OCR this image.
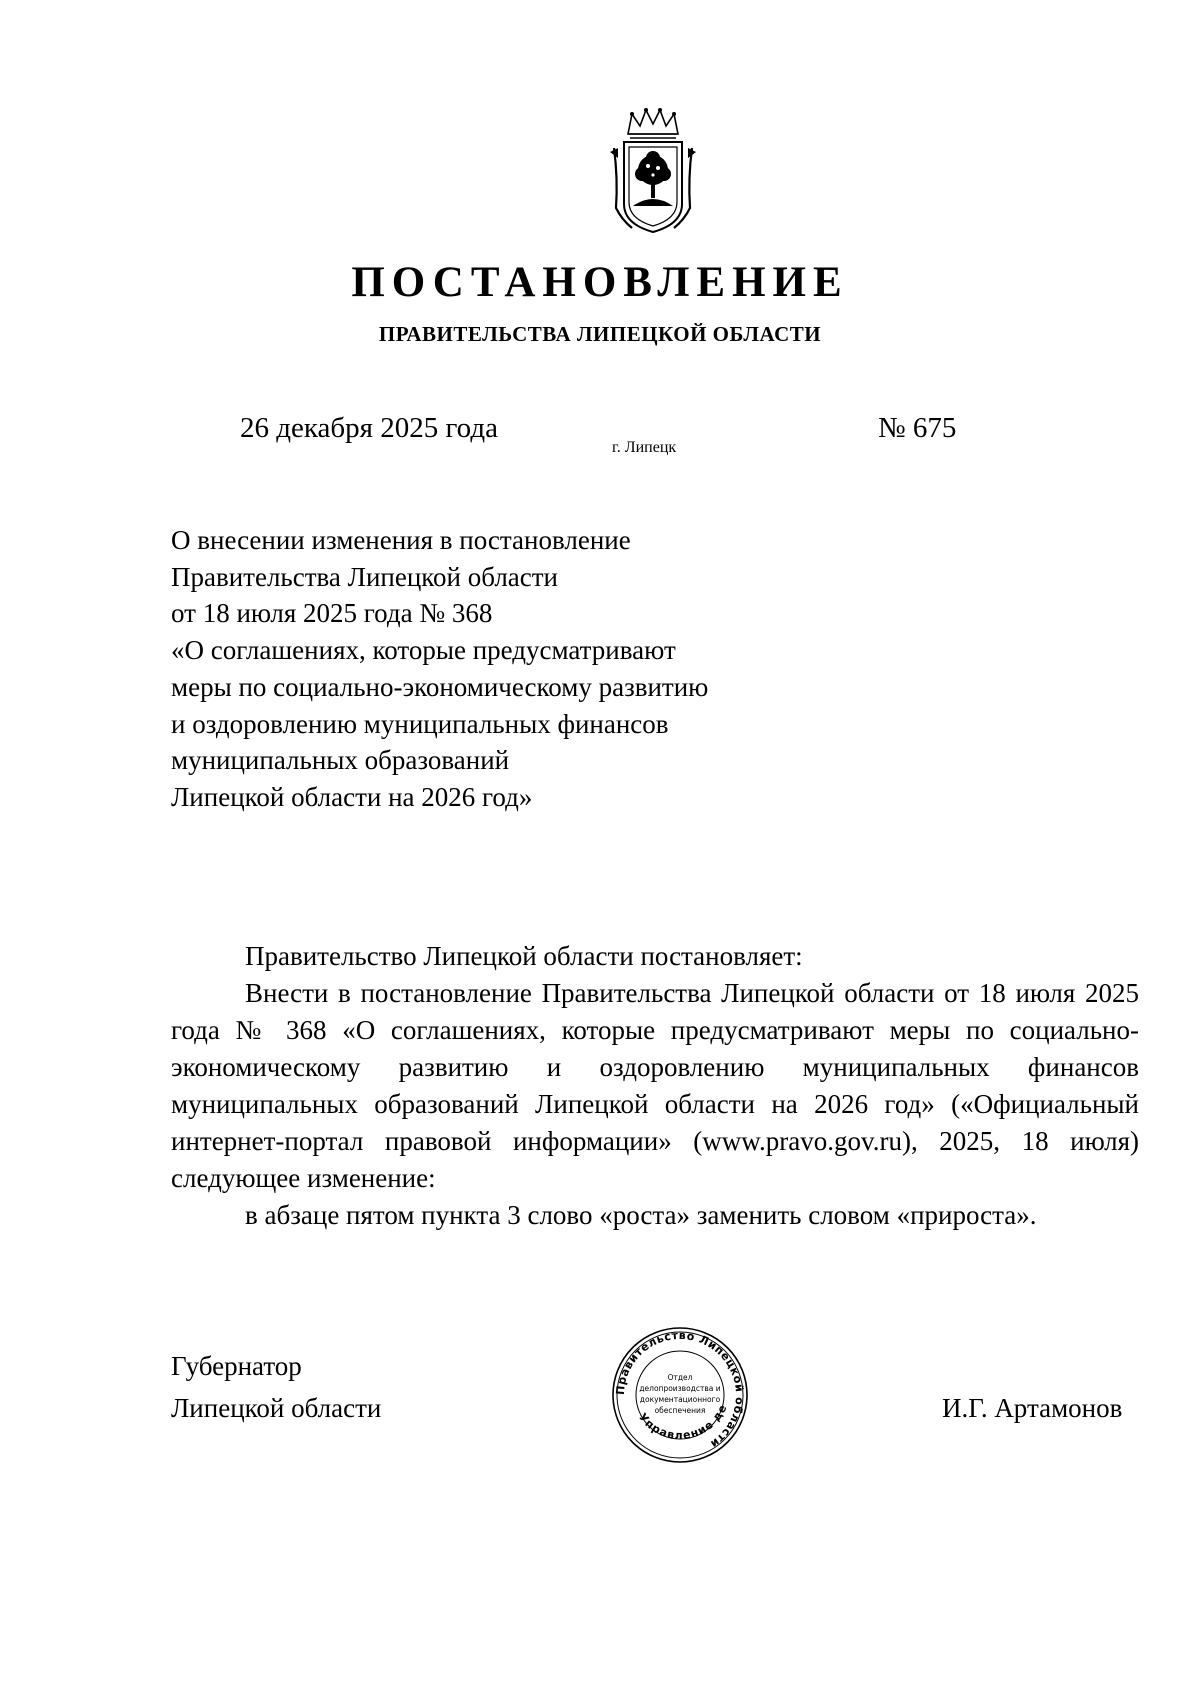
ПОСТАНОВЛЕНИЕ
ПРАВИТЕЛЬСТВА ЛИПЕЦКОЙ ОБЛАСТИ
26 декабря 2025 года
г. Липецк
№ 675
О внесении изменения в постановление
Правительства Липецкой области
от 18 июля 2025 года № 368
«О соглашениях, которые предусматривают
меры по социально-экономическому развитию
и оздоровлению муниципальных финансов
муниципальных образований
Липецкой области на 2026 год»

Правительство Липецкой области постановляет:

Внести в постановление Правительства Липецкой области от 18 июля 2025 года № 368 «О соглашениях, которые предусматривают меры по социально-экономическому развитию и оздоровлению муниципальных финансов муниципальных образований Липецкой области на 2026 год» («Официальный интернет-портал правовой информации» (www.pravo.gov.ru), 2025, 18 июля) следующее изменение:

в абзаце пятом пункта 3 слово «роста» заменить словом «прироста».

Губернатор
Липецкой области
Правительство Липецкой области
Управление де
Отдел
делопроизводства и
документационного
обеспечения	И.Г. Артамонов
